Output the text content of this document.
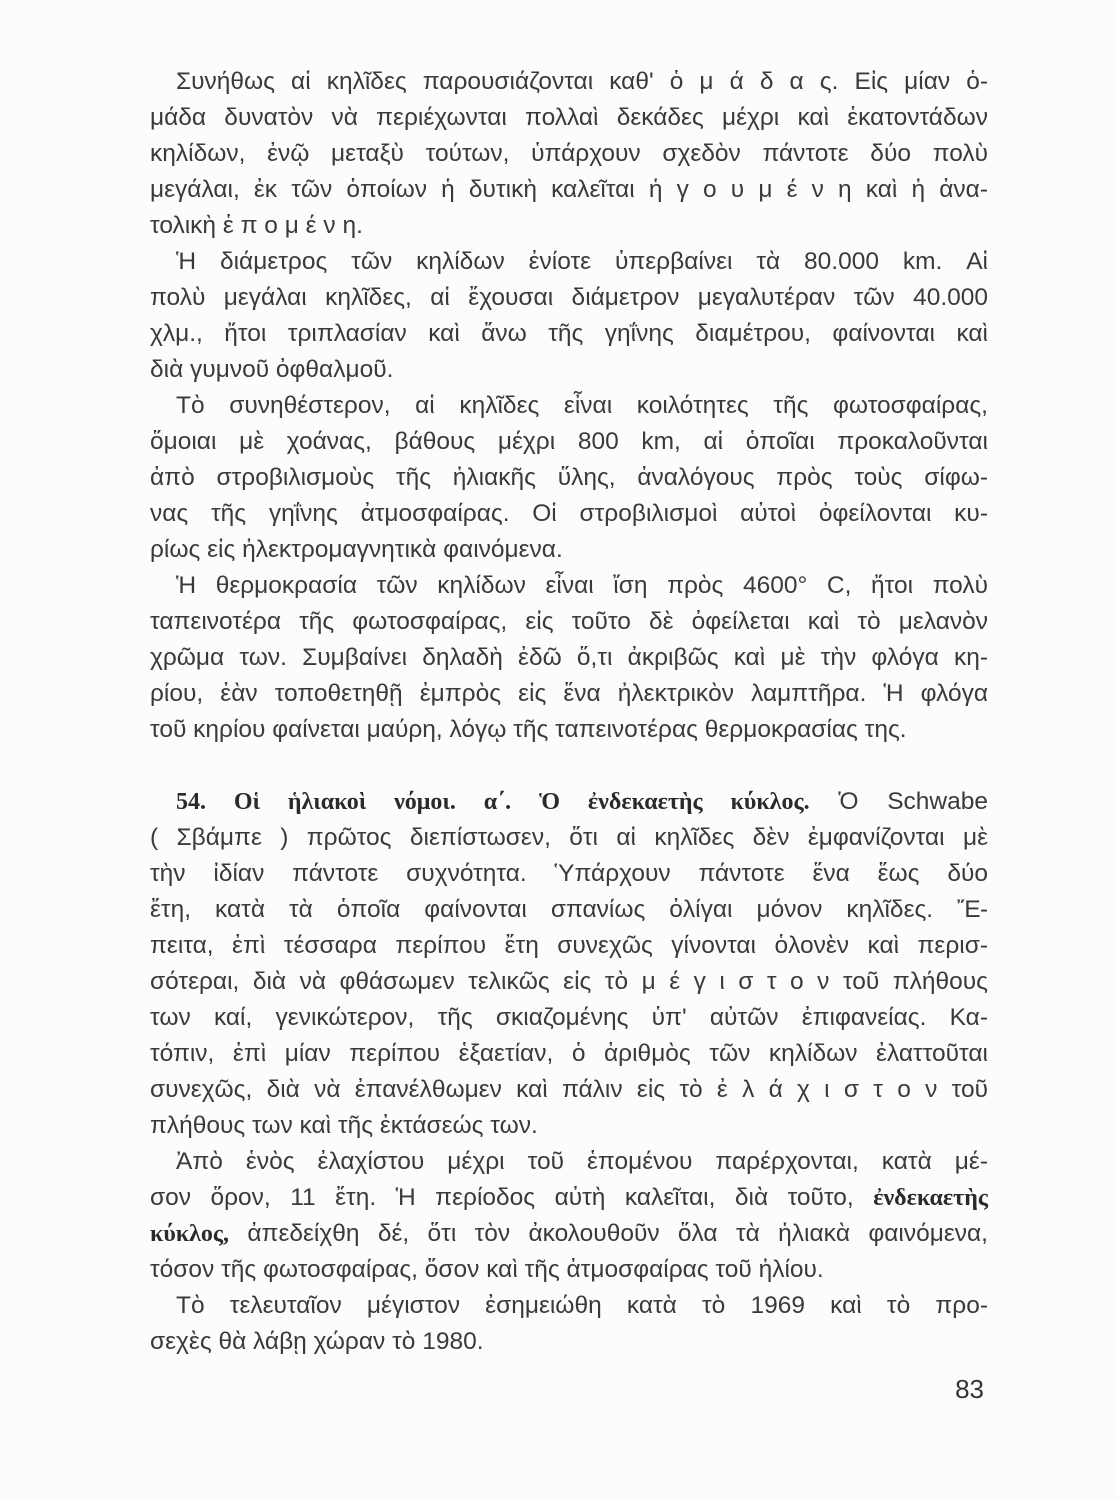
Συνήθως αἱ κηλῖδες παρουσιάζονται καθ' ὁ μ ά δ α ς. Εἰς μίαν ὁ-
μάδα δυνατὸν νὰ περιέχωνται πολλαὶ δεκάδες μέχρι καὶ ἑκατοντάδων
κηλίδων, ἐνῷ μεταξὺ τούτων, ὑπάρχουν σχεδὸν πάντοτε δύο πολὺ
μεγάλαι, ἐκ τῶν ὁποίων ἡ δυτικὴ καλεῖται ἡ γ ο υ μ έ ν η καὶ ἡ ἀνα-
τολικὴ ἑ π ο μ έ ν η.
Ἡ διάμετρος τῶν κηλίδων ἐνίοτε ὑπερβαίνει τὰ 80.000 km. Αἱ
πολὺ μεγάλαι κηλῖδες, αἱ ἔχουσαι διάμετρον μεγαλυτέραν τῶν 40.000
χλμ., ἤτοι τριπλασίαν καὶ ἄνω τῆς γηΐνης διαμέτρου, φαίνονται καὶ
διὰ γυμνοῦ ὀφθαλμοῦ.
Τὸ συνηθέστερον, αἱ κηλῖδες εἶναι κοιλότητες τῆς φωτοσφαίρας,
ὅμοιαι μὲ χοάνας, βάθους μέχρι 800 km, αἱ ὁποῖαι προκαλοῦνται
ἀπὸ στροβιλισμοὺς τῆς ἡλιακῆς ὕλης, ἀναλόγους πρὸς τοὺς σίφω-
νας τῆς γηΐνης ἀτμοσφαίρας. Οἱ στροβιλισμοὶ αὐτοὶ ὀφείλονται κυ-
ρίως εἰς ἠλεκτρομαγνητικὰ φαινόμενα.
Ἡ θερμοκρασία τῶν κηλίδων εἶναι ἴση πρὸς 4600° C, ἤτοι πολὺ
ταπεινοτέρα τῆς φωτοσφαίρας, εἰς τοῦτο δὲ ὀφείλεται καὶ τὸ μελανὸν
χρῶμα των. Συμβαίνει δηλαδὴ ἐδῶ ὅ,τι ἀκριβῶς καὶ μὲ τὴν φλόγα κη-
ρίου, ἐὰν τοποθετηθῇ ἐμπρὸς εἰς ἕνα ἠλεκτρικὸν λαμπτῆρα. Ἡ φλόγα
τοῦ κηρίου φαίνεται μαύρη, λόγῳ τῆς ταπεινοτέρας θερμοκρασίας της.
54. Οἱ ἡλιακοὶ νόμοι. α΄. Ὁ ἐνδεκαετὴς κύκλος. Ὁ Schwabe
( Σβάμπε ) πρῶτος διεπίστωσεν, ὅτι αἱ κηλῖδες δὲν ἐμφανίζονται μὲ
τὴν ἰδίαν πάντοτε συχνότητα. Ὑπάρχουν πάντοτε ἕνα ἕως δύο
ἔτη, κατὰ τὰ ὁποῖα φαίνονται σπανίως ὀλίγαι μόνον κηλῖδες. Ἔ-
πειτα, ἐπὶ τέσσαρα περίπου ἔτη συνεχῶς γίνονται ὁλονὲν καὶ περισ-
σότεραι, διὰ νὰ φθάσωμεν τελικῶς εἰς τὸ μ έ γ ι σ τ ο ν τοῦ πλήθους
των καί, γενικώτερον, τῆς σκιαζομένης ὑπ' αὐτῶν ἐπιφανείας. Κα-
τόπιν, ἐπὶ μίαν περίπου ἑξαετίαν, ὁ ἀριθμὸς τῶν κηλίδων ἐλαττοῦται
συνεχῶς, διὰ νὰ ἐπανέλθωμεν καὶ πάλιν εἰς τὸ ἐ λ ά χ ι σ τ ο ν τοῦ
πλήθους των καὶ τῆς ἐκτάσεώς των.
Ἀπὸ ἑνὸς ἐλαχίστου μέχρι τοῦ ἑπομένου παρέρχονται, κατὰ μέ-
σον ὅρον, 11 ἔτη. Ἡ περίοδος αὐτὴ καλεῖται, διὰ τοῦτο, ἐνδεκαετὴς
κύκλος, ἀπεδείχθη δέ, ὅτι τὸν ἀκολουθοῦν ὅλα τὰ ἡλιακὰ φαινόμενα,
τόσον τῆς φωτοσφαίρας, ὅσον καὶ τῆς ἀτμοσφαίρας τοῦ ἡλίου.
Τὸ τελευταῖον μέγιστον ἐσημειώθη κατὰ τὸ 1969 καὶ τὸ προ-
σεχὲς θὰ λάβῃ χώραν τὸ 1980.
83
